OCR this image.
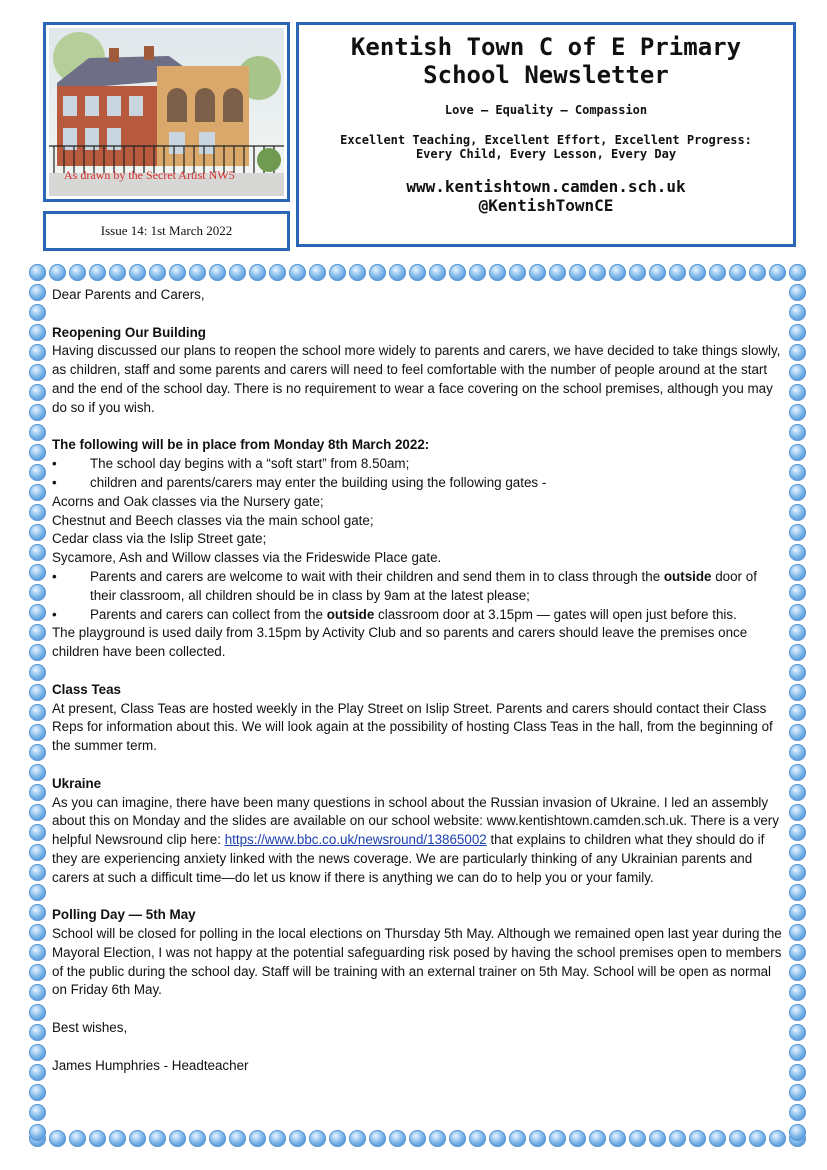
As drawn by the Secret Artist NW5
Issue 14: 1st March 2022
Kentish Town C of E Primary
School Newsletter
Love — Equality — Compassion
Excellent Teaching, Excellent Effort, Excellent Progress:
Every Child, Every Lesson, Every Day
www.kentishtown.camden.sch.uk
@KentishTownCE

Dear Parents and Carers,

Reopening Our Building

Having discussed our plans to reopen the school more widely to parents and carers, we have decided to take things slowly, as children, staff and some parents and carers will need to feel comfortable with the number of people around at the start and the end of the school day. There is no requirement to wear a face covering on the school premises, although you may do so if you wish.

The following will be in place from Monday 8th March 2022:

•	The school day begins with a “soft start” from 8.50am;
•	children and parents/carers may enter the building using the following gates -

Acorns and Oak classes via the Nursery gate;

Chestnut and Beech classes via the main school gate;

Cedar class via the Islip Street gate;

Sycamore, Ash and Willow classes via the Frideswide Place gate.

•	Parents and carers are welcome to wait with their children and send them in to class through the outside door of their classroom, all children should be in class by 9am at the latest please;
•	Parents and carers can collect from the outside classroom door at 3.15pm — gates will open just before this.

The playground is used daily from 3.15pm by Activity Club and so parents and carers should leave the premises once children have been collected.

Class Teas

At present, Class Teas are hosted weekly in the Play Street on Islip Street. Parents and carers should contact their Class Reps for information about this. We will look again at the possibility of hosting Class Teas in the hall, from the beginning of the summer term.

Ukraine

As you can imagine, there have been many questions in school about the Russian invasion of Ukraine. I led an assembly about this on Monday and the slides are available on our school website: www.kentishtown.camden.sch.uk. There is a very helpful Newsround clip here: https://www.bbc.co.uk/newsround/13865002 that explains to children what they should do if they are experiencing anxiety linked with the news coverage. We are particularly thinking of any Ukrainian parents and carers at such a difficult time—do let us know if there is anything we can do to help you or your family.

Polling Day — 5th May

School will be closed for polling in the local elections on Thursday 5th May. Although we remained open last year during the Mayoral Election, I was not happy at the potential safeguarding risk posed by having the school premises open to members of the public during the school day. Staff will be training with an external trainer on 5th May. School will be open as normal on Friday 6th May.

Best wishes,

James Humphries - Headteacher
